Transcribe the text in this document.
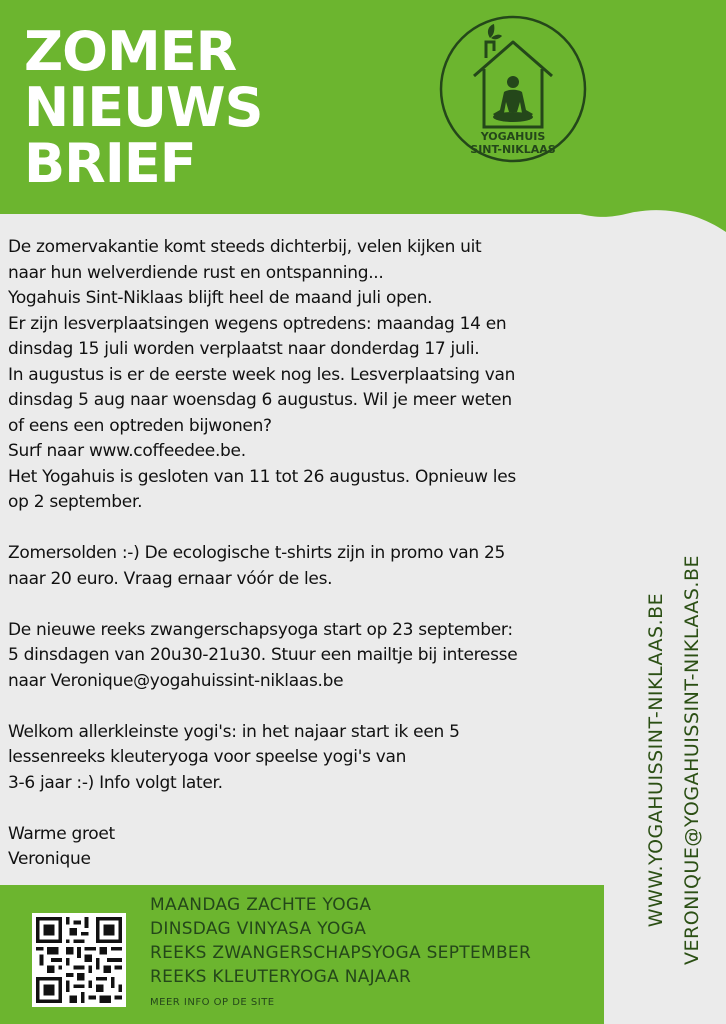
ZOMER
NIEUWS
BRIEF	YOGAHUIS
SINT-NIKLAAS

De zomervakantie komt steeds dichterbij, velen kijken uit
naar hun welverdiende rust en ontspanning...
Yogahuis Sint-Niklaas blijft heel de maand juli open.
Er zijn lesverplaatsingen wegens optredens: maandag 14 en
dinsdag 15 juli worden verplaatst naar donderdag 17 juli.
In augustus is er de eerste week nog les. Lesverplaatsing van
dinsdag 5 aug naar woensdag 6 augustus. Wil je meer weten
of eens een optreden bijwonen?
Surf naar www.coffeedee.be.
Het Yogahuis is gesloten van 11 tot 26 augustus. Opnieuw les
op 2 september.

Zomersolden :-) De ecologische t-shirts zijn in promo van 25
naar 20 euro. Vraag ernaar vóór de les.

De nieuwe reeks zwangerschapsyoga start op 23 september:
5 dinsdagen van 20u30-21u30. Stuur een mailtje bij interesse
naar Veronique@yogahuissint-niklaas.be

Welkom allerkleinste yogi's: in het najaar start ik een 5
lessenreeks kleuteryoga voor speelse yogi's van
3-6 jaar :-) Info volgt later.

Warme groet
Veronique	WWW.YOGAHUISSINT-NIKLAAS.BE VERONIQUE@YOGAHUISSINT-NIKLAAS.BE
MAANDAG ZACHTE YOGA
DINSDAG VINYASA YOGA
REEKS ZWANGERSCHAPSYOGA SEPTEMBER
REEKS KLEUTERYOGA NAJAAR
MEER INFO OP DE SITE
